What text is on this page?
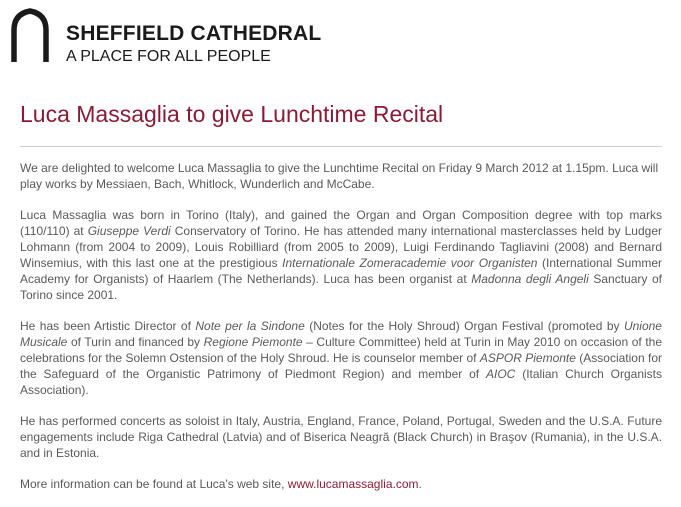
SHEFFIELD CATHEDRAL
A PLACE FOR ALL PEOPLE
Luca Massaglia to give Lunchtime Recital

We are delighted to welcome Luca Massaglia to give the Lunchtime Recital on Friday 9 March 2012 at 1.15pm. Luca will play works by Messiaen, Bach, Whitlock, Wunderlich and McCabe.

Luca Massaglia was born in Torino (Italy), and gained the Organ and Organ Composition degree with top marks (110/110) at Giuseppe Verdi Conservatory of Torino. He has attended many international masterclasses held by Ludger Lohmann (from 2004 to 2009), Louis Robilliard (from 2005 to 2009), Luigi Ferdinando Tagliavini (2008) and Bernard Winsemius, with this last one at the prestigious Internationale Zomeracademie voor Organisten (International Summer Academy for Organists) of Haarlem (The Netherlands). Luca has been organist at Madonna degli Angeli Sanctuary of Torino since 2001.

He has been Artistic Director of Note per la Sindone (Notes for the Holy Shroud) Organ Festival (promoted by Unione Musicale of Turin and financed by Regione Piemonte – Culture Committee) held at Turin in May 2010 on occasion of the celebrations for the Solemn Ostension of the Holy Shroud. He is counselor member of ASPOR Piemonte (Association for the Safeguard of the Organistic Patrimony of Piedmont Region) and member of AIOC (Italian Church Organists Association).

He has performed concerts as soloist in Italy, Austria, England, France, Poland, Portugal, Sweden and the U.S.A. Future engagements include Riga Cathedral (Latvia) and of Biserica Neagră (Black Church) in Braşov (Rumania), in the U.S.A. and in Estonia.

More information can be found at Luca's web site, www.lucamassaglia.com.
